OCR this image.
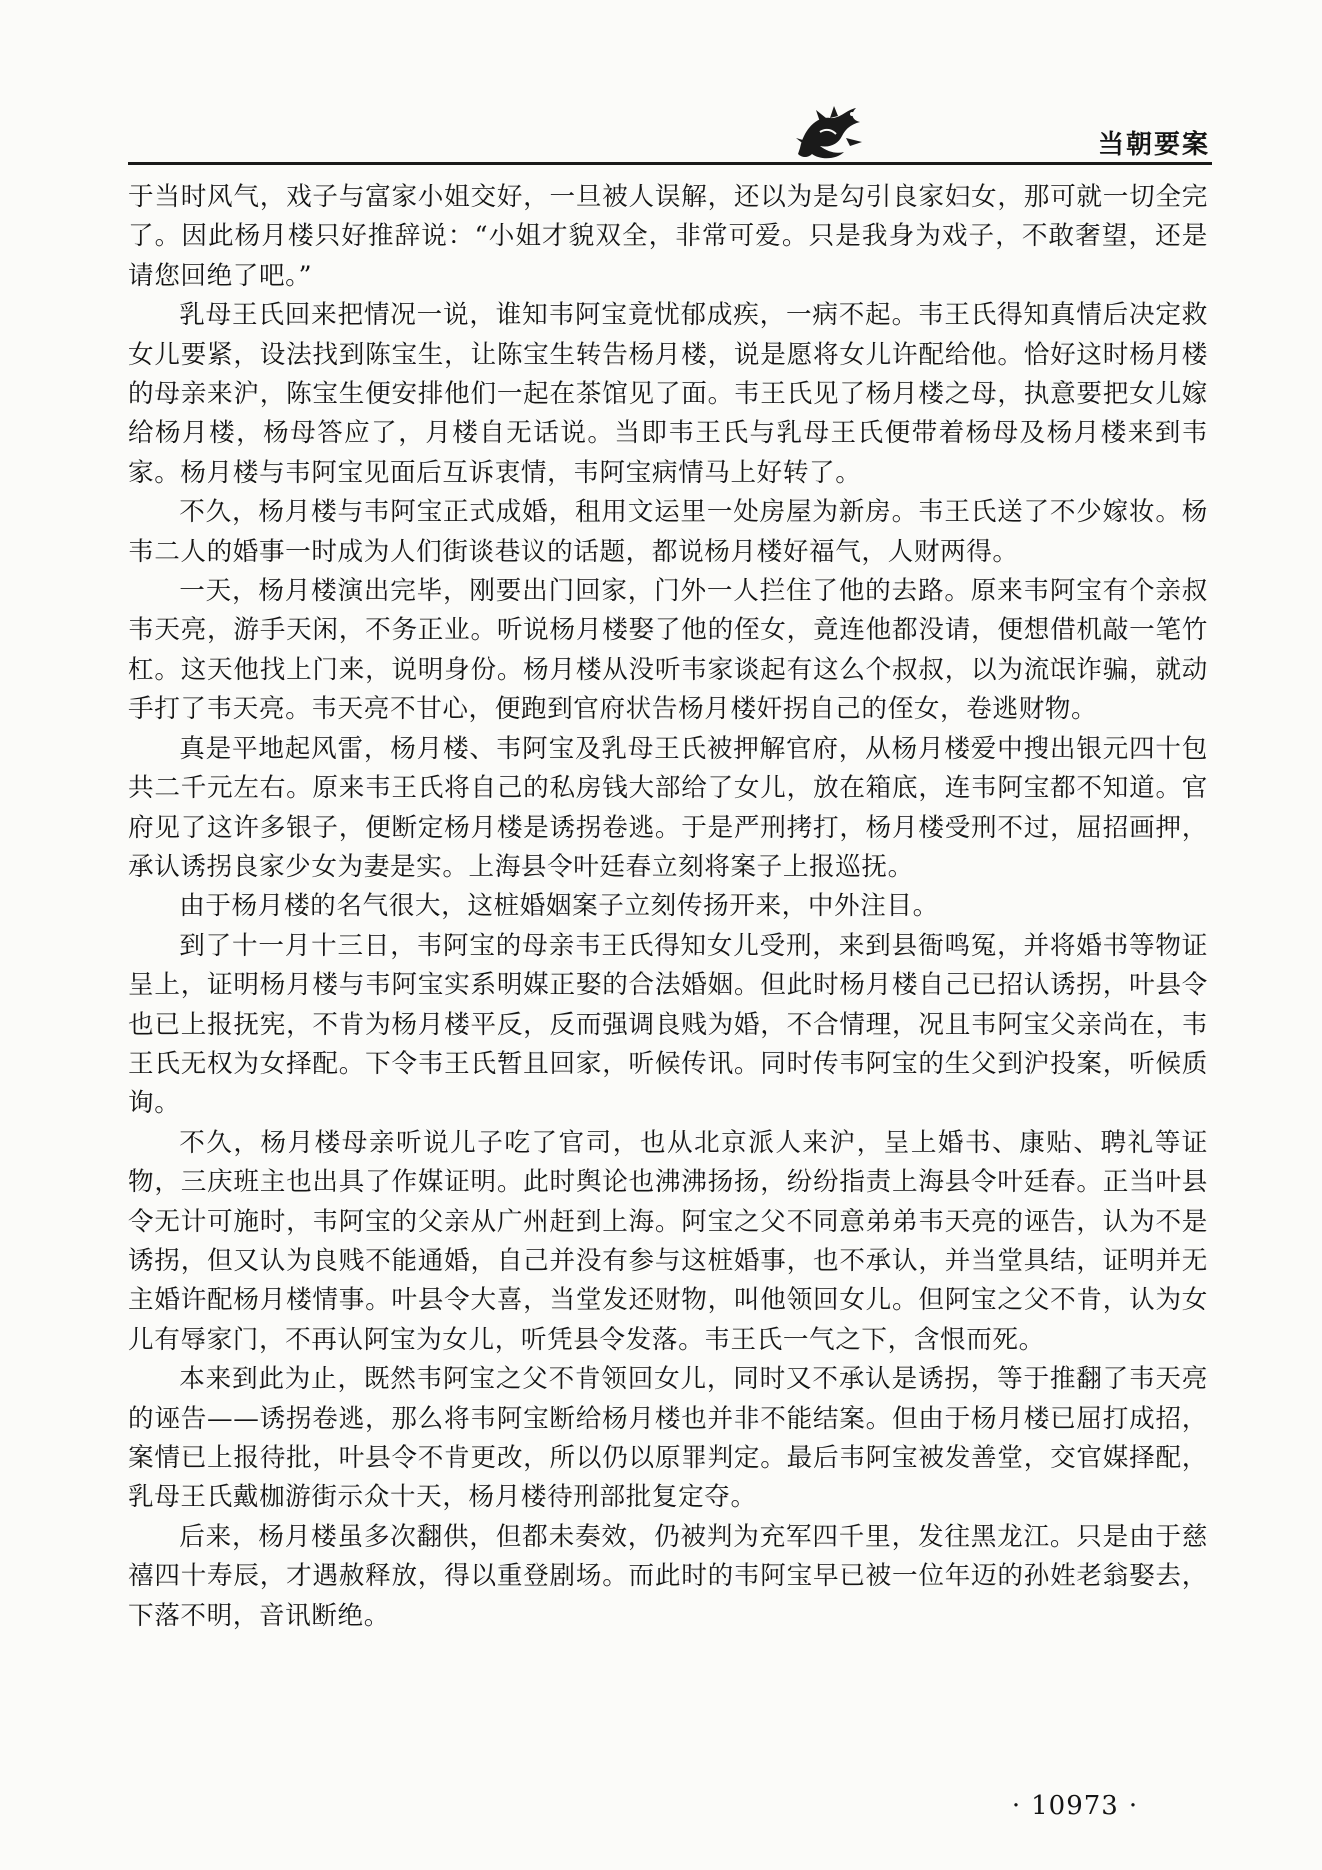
当朝要案

于当时风气，戏子与富家小姐交好，一旦被人误解，还以为是勾引良家妇女，那可就一切全完了。因此杨月楼只好推辞说：“小姐才貌双全，非常可爱。只是我身为戏子，不敢奢望，还是请您回绝了吧。”

乳母王氏回来把情况一说，谁知韦阿宝竟忧郁成疾，一病不起。韦王氏得知真情后决定救女儿要紧，设法找到陈宝生，让陈宝生转告杨月楼，说是愿将女儿许配给他。恰好这时杨月楼的母亲来沪，陈宝生便安排他们一起在茶馆见了面。韦王氏见了杨月楼之母，执意要把女儿嫁给杨月楼，杨母答应了，月楼自无话说。当即韦王氏与乳母王氏便带着杨母及杨月楼来到韦家。杨月楼与韦阿宝见面后互诉衷情，韦阿宝病情马上好转了。

不久，杨月楼与韦阿宝正式成婚，租用文运里一处房屋为新房。韦王氏送了不少嫁妆。杨韦二人的婚事一时成为人们街谈巷议的话题，都说杨月楼好福气，人财两得。

一天，杨月楼演出完毕，刚要出门回家，门外一人拦住了他的去路。原来韦阿宝有个亲叔韦天亮，游手天闲，不务正业。听说杨月楼娶了他的侄女，竟连他都没请，便想借机敲一笔竹杠。这天他找上门来，说明身份。杨月楼从没听韦家谈起有这么个叔叔，以为流氓诈骗，就动手打了韦天亮。韦天亮不甘心，便跑到官府状告杨月楼奸拐自己的侄女，卷逃财物。

真是平地起风雷，杨月楼、韦阿宝及乳母王氏被押解官府，从杨月楼爱中搜出银元四十包共二千元左右。原来韦王氏将自己的私房钱大部给了女儿，放在箱底，连韦阿宝都不知道。官府见了这许多银子，便断定杨月楼是诱拐卷逃。于是严刑拷打，杨月楼受刑不过，屈招画押，承认诱拐良家少女为妻是实。上海县令叶廷春立刻将案子上报巡抚。

由于杨月楼的名气很大，这桩婚姻案子立刻传扬开来，中外注目。

到了十一月十三日，韦阿宝的母亲韦王氏得知女儿受刑，来到县衙鸣冤，并将婚书等物证呈上，证明杨月楼与韦阿宝实系明媒正娶的合法婚姻。但此时杨月楼自己已招认诱拐，叶县令也已上报抚宪，不肯为杨月楼平反，反而强调良贱为婚，不合情理，况且韦阿宝父亲尚在，韦王氏无权为女择配。下令韦王氏暂且回家，听候传讯。同时传韦阿宝的生父到沪投案，听候质询。

不久，杨月楼母亲听说儿子吃了官司，也从北京派人来沪，呈上婚书、康贴、聘礼等证物，三庆班主也出具了作媒证明。此时舆论也沸沸扬扬，纷纷指责上海县令叶廷春。正当叶县令无计可施时，韦阿宝的父亲从广州赶到上海。阿宝之父不同意弟弟韦天亮的诬告，认为不是诱拐，但又认为良贱不能通婚，自己并没有参与这桩婚事，也不承认，并当堂具结，证明并无主婚许配杨月楼情事。叶县令大喜，当堂发还财物，叫他领回女儿。但阿宝之父不肯，认为女儿有辱家门，不再认阿宝为女儿，听凭县令发落。韦王氏一气之下，含恨而死。

本来到此为止，既然韦阿宝之父不肯领回女儿，同时又不承认是诱拐，等于推翻了韦天亮的诬告——诱拐卷逃，那么将韦阿宝断给杨月楼也并非不能结案。但由于杨月楼已屈打成招，案情已上报待批，叶县令不肯更改，所以仍以原罪判定。最后韦阿宝被发善堂，交官媒择配，乳母王氏戴枷游街示众十天，杨月楼待刑部批复定夺。

后来，杨月楼虽多次翻供，但都未奏效，仍被判为充军四千里，发往黑龙江。只是由于慈禧四十寿辰，才遇赦释放，得以重登剧场。而此时的韦阿宝早已被一位年迈的孙姓老翁娶去，下落不明，音讯断绝。

· 10973 ·
